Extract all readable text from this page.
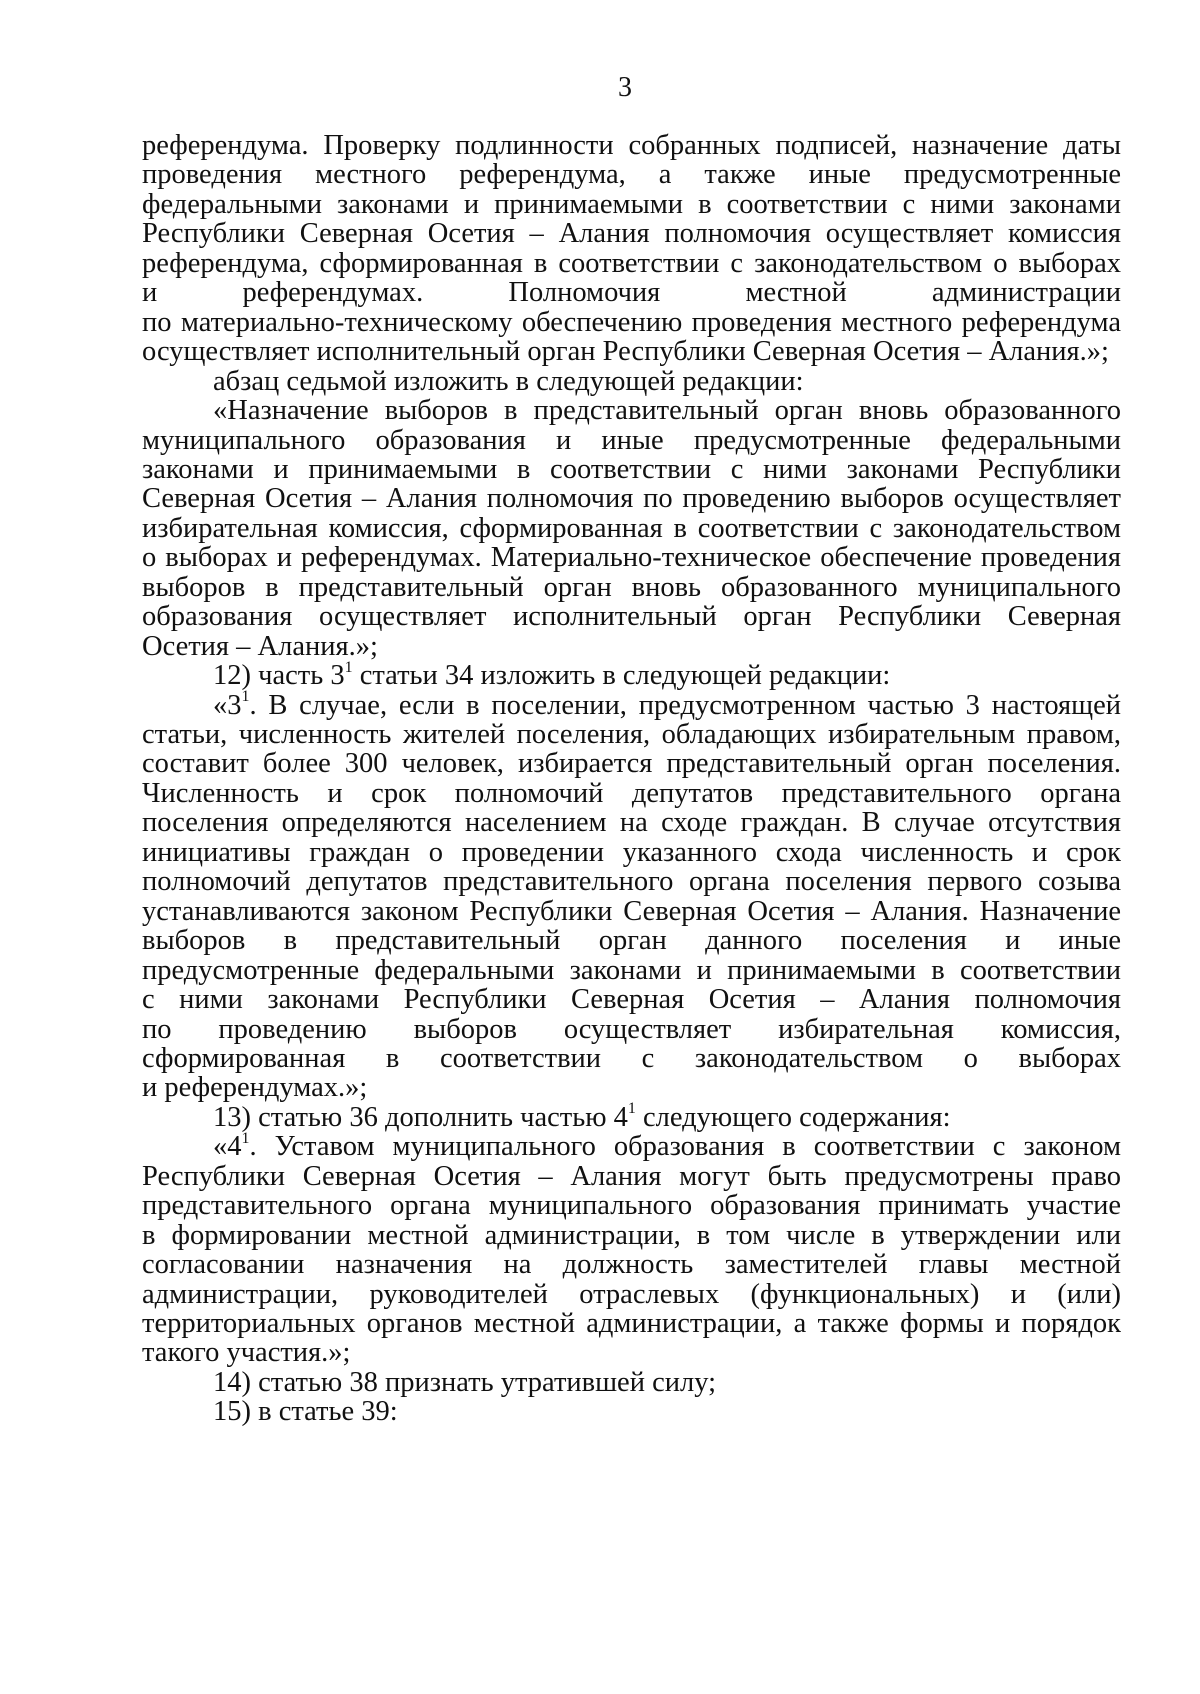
3
референдума. Проверку подлинности собранных подписей, назначение даты
проведения местного референдума, а также иные предусмотренные
федеральными законами и принимаемыми в соответствии с ними законами
Республики Северная Осетия – Алания полномочия осуществляет комиссия
референдума, сформированная в соответствии с законодательством о выборах
и референдумах. Полномочия местной администрации
по материально-техническому обеспечению проведения местного референдума
осуществляет исполнительный орган Республики Северная Осетия – Алания.»;
абзац седьмой изложить в следующей редакции:
«Назначение выборов в представительный орган вновь образованного
муниципального образования и иные предусмотренные федеральными
законами и принимаемыми в соответствии с ними законами Республики
Северная Осетия – Алания полномочия по проведению выборов осуществляет
избирательная комиссия, сформированная в соответствии с законодательством
о выборах и референдумах. Материально-техническое обеспечение проведения
выборов в представительный орган вновь образованного муниципального
образования осуществляет исполнительный орган Республики Северная
Осетия – Алания.»;
12) часть $3^1$ статьи 34 изложить в следующей редакции:
«$3^1$. В случае, если в поселении, предусмотренном частью 3 настоящей
статьи, численность жителей поселения, обладающих избирательным правом,
составит более 300 человек, избирается представительный орган поселения.
Численность и срок полномочий депутатов представительного органа
поселения определяются населением на сходе граждан. В случае отсутствия
инициативы граждан о проведении указанного схода численность и срок
полномочий депутатов представительного органа поселения первого созыва
устанавливаются законом Республики Северная Осетия – Алания. Назначение
выборов в представительный орган данного поселения и иные
предусмотренные федеральными законами и принимаемыми в соответствии
с ними законами Республики Северная Осетия – Алания полномочия
по проведению выборов осуществляет избирательная комиссия,
сформированная в соответствии с законодательством о выборах
и референдумах.»;
13) статью 36 дополнить частью $4^1$ следующего содержания:
«$4^1$. Уставом муниципального образования в соответствии с законом
Республики Северная Осетия – Алания могут быть предусмотрены право
представительного органа муниципального образования принимать участие
в формировании местной администрации, в том числе в утверждении или
согласовании назначения на должность заместителей главы местной
администрации, руководителей отраслевых (функциональных) и (или)
территориальных органов местной администрации, а также формы и порядок
такого участия.»;
14) статью 38 признать утратившей силу;
15) в статье 39:
